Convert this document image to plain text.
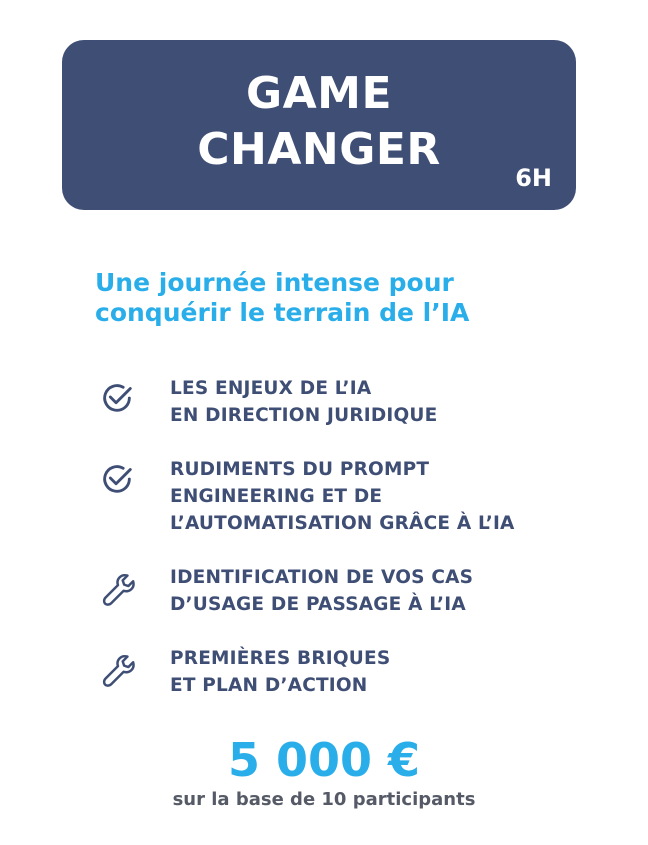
GAME
CHANGER
6H
Une journée intense pour
conquérir le terrain de l’IA
LES ENJEUX DE L’IA
EN DIRECTION JURIDIQUE
RUDIMENTS DU PROMPT
ENGINEERING ET DE
L’AUTOMATISATION GRÂCE À L’IA
IDENTIFICATION DE VOS CAS
D’USAGE DE PASSAGE À L’IA
PREMIÈRES BRIQUES
ET PLAN D’ACTION
5 000 €
sur la base de 10 participants
